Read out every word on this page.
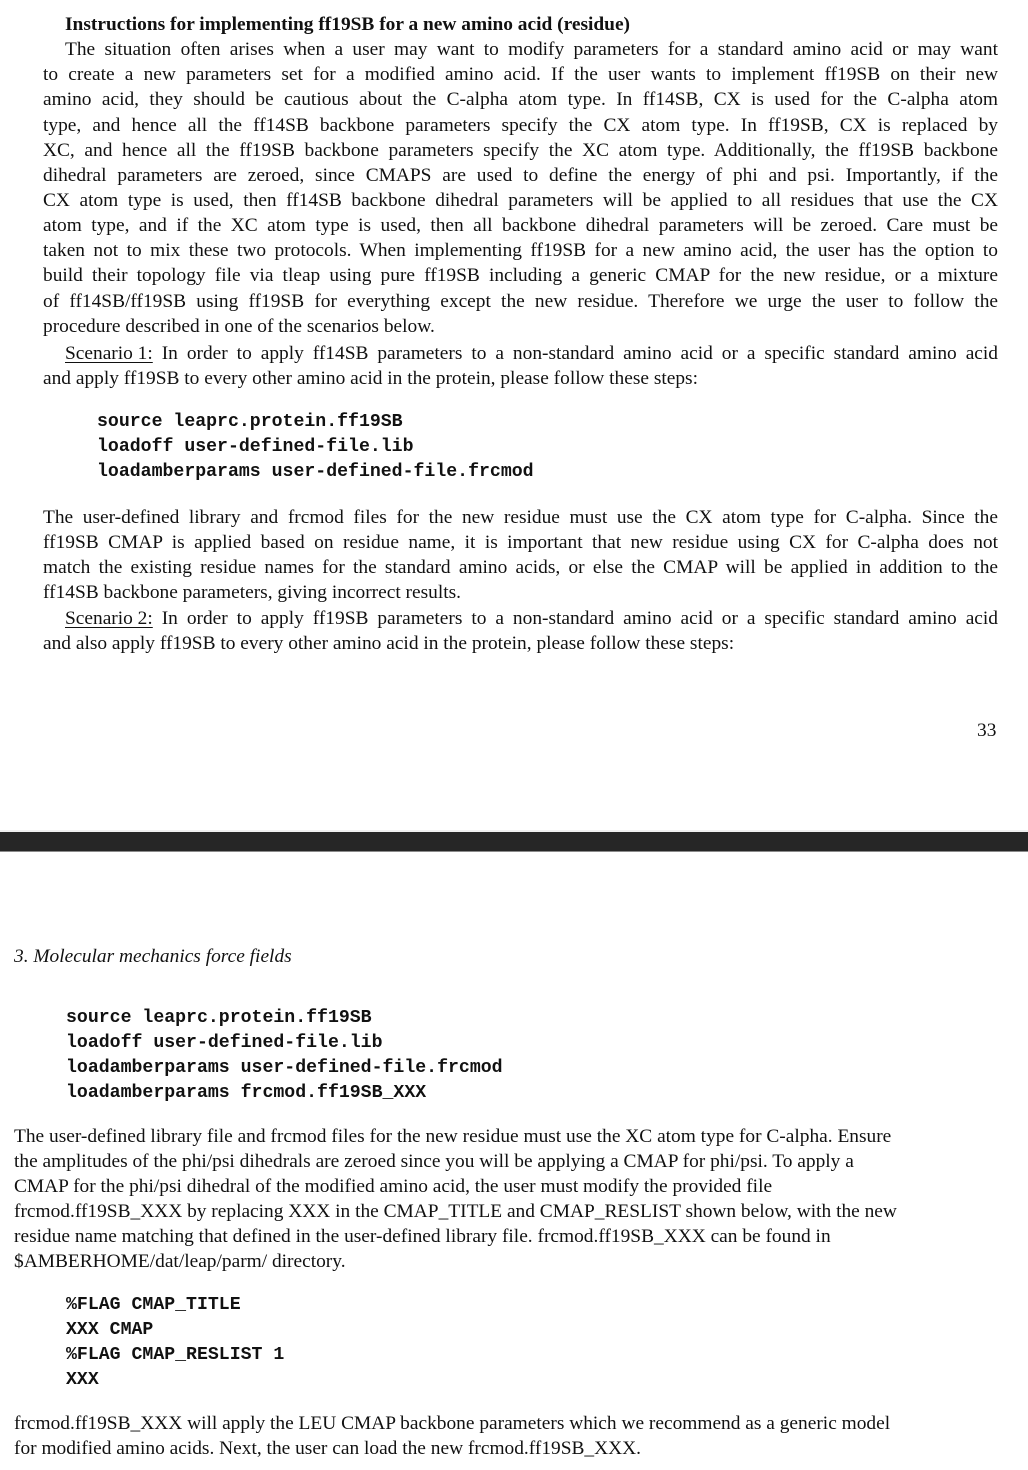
Instructions for implementing ff19SB for a new amino acid (residue)
The situation often arises when a user may want to modify parameters for a standard amino acid or may want
to create a new parameters set for a modified amino acid. If the user wants to implement ff19SB on their new
amino acid, they should be cautious about the C-alpha atom type. In ff14SB, CX is used for the C-alpha atom
type, and hence all the ff14SB backbone parameters specify the CX atom type. In ff19SB, CX is replaced by
XC, and hence all the ff19SB backbone parameters specify the XC atom type. Additionally, the ff19SB backbone
dihedral parameters are zeroed, since CMAPS are used to define the energy of phi and psi. Importantly, if the
CX atom type is used, then ff14SB backbone dihedral parameters will be applied to all residues that use the CX
atom type, and if the XC atom type is used, then all backbone dihedral parameters will be zeroed. Care must be
taken not to mix these two protocols. When implementing ff19SB for a new amino acid, the user has the option to
build their topology file via tleap using pure ff19SB including a generic CMAP for the new residue, or a mixture
of ff14SB/ff19SB using ff19SB for everything except the new residue. Therefore we urge the user to follow the
procedure described in one of the scenarios below.
Scenario 1: In order to apply ff14SB parameters to a non-standard amino acid or a specific standard amino acid
and apply ff19SB to every other amino acid in the protein, please follow these steps:
source leaprc.protein.ff19SB
loadoff user-defined-file.lib
loadamberparams user-defined-file.frcmod
The user-defined library and frcmod files for the new residue must use the CX atom type for C-alpha. Since the
ff19SB CMAP is applied based on residue name, it is important that new residue using CX for C-alpha does not
match the existing residue names for the standard amino acids, or else the CMAP will be applied in addition to the
ff14SB backbone parameters, giving incorrect results.
Scenario 2: In order to apply ff19SB parameters to a non-standard amino acid or a specific standard amino acid
and also apply ff19SB to every other amino acid in the protein, please follow these steps:
33
3. Molecular mechanics force fields
source leaprc.protein.ff19SB
loadoff user-defined-file.lib
loadamberparams user-defined-file.frcmod
loadamberparams frcmod.ff19SB_XXX
The user-defined library file and frcmod files for the new residue must use the XC atom type for C-alpha. Ensure
the amplitudes of the phi/psi dihedrals are zeroed since you will be applying a CMAP for phi/psi. To apply a
CMAP for the phi/psi dihedral of the modified amino acid, the user must modify the provided file
frcmod.ff19SB_XXX by replacing XXX in the CMAP_TITLE and CMAP_RESLIST shown below, with the new
residue name matching that defined in the user-defined library file. frcmod.ff19SB_XXX can be found in
$AMBERHOME/dat/leap/parm/ directory.
%FLAG CMAP_TITLE
XXX CMAP
%FLAG CMAP_RESLIST 1
XXX
frcmod.ff19SB_XXX will apply the LEU CMAP backbone parameters which we recommend as a generic model
for modified amino acids. Next, the user can load the new frcmod.ff19SB_XXX.
